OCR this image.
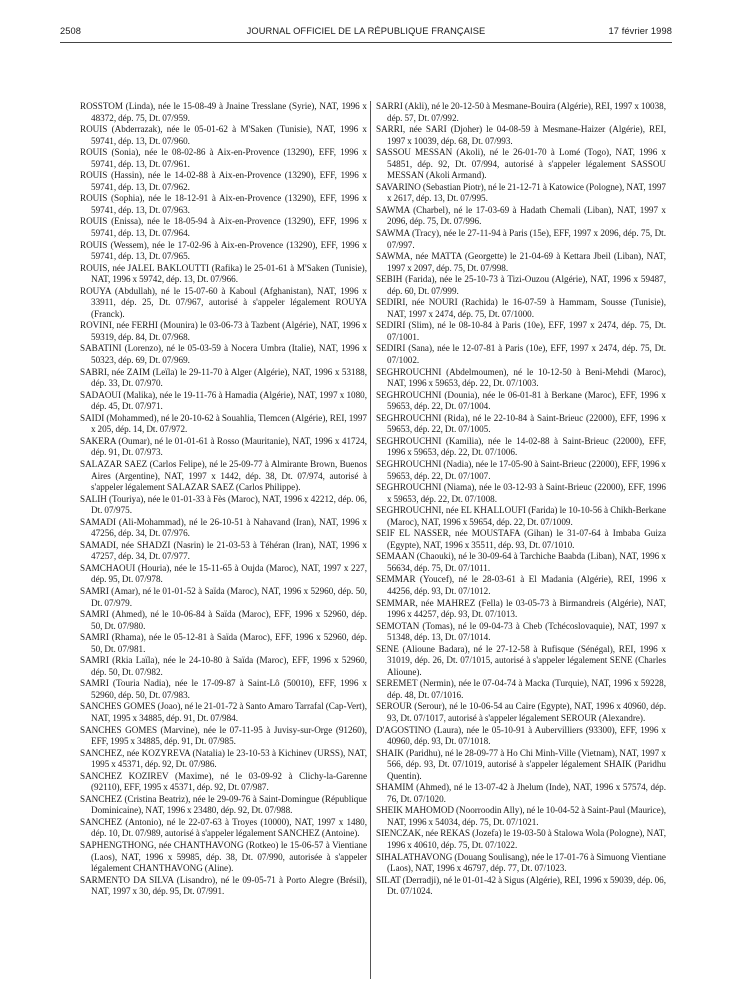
2508	JOURNAL OFFICIEL DE LA RÉPUBLIQUE FRANÇAISE	17 février 1998

ROSSTOM (Linda), née le 15-08-49 à Jnaine Tresslane (Syrie), NAT, 1996 x 48372, dép. 75, Dt. 07/959.

ROUIS (Abderrazak), née le 05-01-62 à M'Saken (Tunisie), NAT, 1996 x 59741, dép. 13, Dt. 07/960.

ROUIS (Sonia), née le 08-02-86 à Aix-en-Provence (13290), EFF, 1996 x 59741, dép. 13, Dt. 07/961.

ROUIS (Hassin), née le 14-02-88 à Aix-en-Provence (13290), EFF, 1996 x 59741, dép. 13, Dt. 07/962.

ROUIS (Sophia), née le 18-12-91 à Aix-en-Provence (13290), EFF, 1996 x 59741, dép. 13, Dt. 07/963.

ROUIS (Enissa), née le 18-05-94 à Aix-en-Provence (13290), EFF, 1996 x 59741, dép. 13, Dt. 07/964.

ROUIS (Wessem), née le 17-02-96 à Aix-en-Provence (13290), EFF, 1996 x 59741, dép. 13, Dt. 07/965.

ROUIS, née JALEL BAKLOUTTI (Rafika) le 25-01-61 à M'Saken (Tunisie), NAT, 1996 x 59742, dép. 13, Dt. 07/966.

ROUYA (Abdullah), né le 15-07-60 à Kaboul (Afghanistan), NAT, 1996 x 33911, dép. 25, Dt. 07/967, autorisé à s'appeler légalement ROUYA (Franck).

ROVINI, née FERHI (Mounira) le 03-06-73 à Tazbent (Algérie), NAT, 1996 x 59319, dép. 84, Dt. 07/968.

SABATINI (Lorenzo), né le 05-03-59 à Nocera Umbra (Italie), NAT, 1996 x 50323, dép. 69, Dt. 07/969.

SABRI, née ZAIM (Leïla) le 29-11-70 à Alger (Algérie), NAT, 1996 x 53188, dép. 33, Dt. 07/970.

SADAOUI (Malika), née le 19-11-76 à Hamadia (Algérie), NAT, 1997 x 1080, dép. 45, Dt. 07/971.

SAIDI (Mohammed), né le 20-10-62 à Souahlia, Tlemcen (Algérie), REI, 1997 x 205, dép. 14, Dt. 07/972.

SAKERA (Oumar), né le 01-01-61 à Rosso (Mauritanie), NAT, 1996 x 41724, dép. 91, Dt. 07/973.

SALAZAR SAEZ (Carlos Felipe), né le 25-09-77 à Almirante Brown, Buenos Aires (Argentine), NAT, 1997 x 1442, dép. 38, Dt. 07/974, autorisé à s'appeler légalement SALAZAR SAEZ (Carlos Philippe).

SALIH (Touriya), née le 01-01-33 à Fès (Maroc), NAT, 1996 x 42212, dép. 06, Dt. 07/975.

SAMADI (Ali-Mohammad), né le 26-10-51 à Nahavand (Iran), NAT, 1996 x 47256, dép. 34, Dt. 07/976.

SAMADI, née SHADZI (Nasrin) le 21-03-53 à Téhéran (Iran), NAT, 1996 x 47257, dép. 34, Dt. 07/977.

SAMCHAOUI (Houria), née le 15-11-65 à Oujda (Maroc), NAT, 1997 x 227, dép. 95, Dt. 07/978.

SAMRI (Amar), né le 01-01-52 à Saïda (Maroc), NAT, 1996 x 52960, dép. 50, Dt. 07/979.

SAMRI (Ahmed), né le 10-06-84 à Saïda (Maroc), EFF, 1996 x 52960, dép. 50, Dt. 07/980.

SAMRI (Rhama), née le 05-12-81 à Saïda (Maroc), EFF, 1996 x 52960, dép. 50, Dt. 07/981.

SAMRI (Rkia Laïla), née le 24-10-80 à Saïda (Maroc), EFF, 1996 x 52960, dép. 50, Dt. 07/982.

SAMRI (Touria Nadia), née le 17-09-87 à Saint-Lô (50010), EFF, 1996 x 52960, dép. 50, Dt. 07/983.

SANCHES GOMES (Joao), né le 21-01-72 à Santo Amaro Tarrafal (Cap-Vert), NAT, 1995 x 34885, dép. 91, Dt. 07/984.

SANCHES GOMES (Marvine), née le 07-11-95 à Juvisy-sur-Orge (91260), EFF, 1995 x 34885, dép. 91, Dt. 07/985.

SANCHEZ, née KOZYREVA (Natalia) le 23-10-53 à Kichinev (URSS), NAT, 1995 x 45371, dép. 92, Dt. 07/986.

SANCHEZ KOZIREV (Maxime), né le 03-09-92 à Clichy-la-Garenne (92110), EFF, 1995 x 45371, dép. 92, Dt. 07/987.

SANCHEZ (Cristina Beatriz), née le 29-09-76 à Saint-Domingue (République Dominicaine), NAT, 1996 x 23480, dép. 92, Dt. 07/988.

SANCHEZ (Antonio), né le 22-07-63 à Troyes (10000), NAT, 1997 x 1480, dép. 10, Dt. 07/989, autorisé à s'appeler légalement SANCHEZ (Antoine).

SAPHENGTHONG, née CHANTHAVONG (Rotkeo) le 15-06-57 à Vientiane (Laos), NAT, 1996 x 59985, dép. 38, Dt. 07/990, autorisée à s'appeler légalement CHANTHAVONG (Aline).

SARMENTO DA SILVA (Lisandro), né le 09-05-71 à Porto Alegre (Brésil), NAT, 1997 x 30, dép. 95, Dt. 07/991.

SARRI (Akli), né le 20-12-50 à Mesmane-Bouira (Algérie), REI, 1997 x 10038, dép. 57, Dt. 07/992.

SARRI, née SARI (Djoher) le 04-08-59 à Mesmane-Haizer (Algérie), REI, 1997 x 10039, dép. 68, Dt. 07/993.

SASSOU MESSAN (Akoli), né le 26-01-70 à Lomé (Togo), NAT, 1996 x 54851, dép. 92, Dt. 07/994, autorisé à s'appeler légalement SASSOU MESSAN (Akoli Armand).

SAVARINO (Sebastian Piotr), né le 21-12-71 à Katowice (Pologne), NAT, 1997 x 2617, dép. 13, Dt. 07/995.

SAWMA (Charbel), né le 17-03-69 à Hadath Chemali (Liban), NAT, 1997 x 2096, dép. 75, Dt. 07/996.

SAWMA (Tracy), née le 27-11-94 à Paris (15e), EFF, 1997 x 2096, dép. 75, Dt. 07/997.

SAWMA, née MATTA (Georgette) le 21-04-69 à Kettara Jbeil (Liban), NAT, 1997 x 2097, dép. 75, Dt. 07/998.

SEBIH (Farida), née le 25-10-73 à Tizi-Ouzou (Algérie), NAT, 1996 x 59487, dép. 60, Dt. 07/999.

SEDIRI, née NOURI (Rachida) le 16-07-59 à Hammam, Sousse (Tunisie), NAT, 1997 x 2474, dép. 75, Dt. 07/1000.

SEDIRI (Slim), né le 08-10-84 à Paris (10e), EFF, 1997 x 2474, dép. 75, Dt. 07/1001.

SEDIRI (Sana), née le 12-07-81 à Paris (10e), EFF, 1997 x 2474, dép. 75, Dt. 07/1002.

SEGHROUCHNI (Abdelmoumen), né le 10-12-50 à Beni-Mehdi (Maroc), NAT, 1996 x 59653, dép. 22, Dt. 07/1003.

SEGHROUCHNI (Dounia), née le 06-01-81 à Berkane (Maroc), EFF, 1996 x 59653, dép. 22, Dt. 07/1004.

SEGHROUCHNI (Rida), né le 22-10-84 à Saint-Brieuc (22000), EFF, 1996 x 59653, dép. 22, Dt. 07/1005.

SEGHROUCHNI (Kamilia), née le 14-02-88 à Saint-Brieuc (22000), EFF, 1996 x 59653, dép. 22, Dt. 07/1006.

SEGHROUCHNI (Nadia), née le 17-05-90 à Saint-Brieuc (22000), EFF, 1996 x 59653, dép. 22, Dt. 07/1007.

SEGHROUCHNI (Niama), née le 03-12-93 à Saint-Brieuc (22000), EFF, 1996 x 59653, dép. 22, Dt. 07/1008.

SEGHROUCHNI, née EL KHALLOUFI (Farida) le 10-10-56 à Chikh-Berkane (Maroc), NAT, 1996 x 59654, dép. 22, Dt. 07/1009.

SEIF EL NASSER, née MOUSTAFA (Gihan) le 31-07-64 à Imbaba Guiza (Egypte), NAT, 1996 x 35511, dép. 93, Dt. 07/1010.

SEMAAN (Chaouki), né le 30-09-64 à Tarchiche Baabda (Liban), NAT, 1996 x 56634, dép. 75, Dt. 07/1011.

SEMMAR (Youcef), né le 28-03-61 à El Madania (Algérie), REI, 1996 x 44256, dép. 93, Dt. 07/1012.

SEMMAR, née MAHREZ (Fella) le 03-05-73 à Birmandreis (Algérie), NAT, 1996 x 44257, dép. 93, Dt. 07/1013.

SEMOTAN (Tomas), né le 09-04-73 à Cheb (Tchécoslovaquie), NAT, 1997 x 51348, dép. 13, Dt. 07/1014.

SENE (Alioune Badara), né le 27-12-58 à Rufisque (Sénégal), REI, 1996 x 31019, dép. 26, Dt. 07/1015, autorisé à s'appeler légalement SENE (Charles Alioune).

SEREMET (Nermin), née le 07-04-74 à Macka (Turquie), NAT, 1996 x 59228, dép. 48, Dt. 07/1016.

SEROUR (Serour), né le 10-06-54 au Caire (Egypte), NAT, 1996 x 40960, dép. 93, Dt. 07/1017, autorisé à s'appeler légalement SEROUR (Alexandre).

D'AGOSTINO (Laura), née le 05-10-91 à Aubervilliers (93300), EFF, 1996 x 40960, dép. 93, Dt. 07/1018.

SHAIK (Paridhu), né le 28-09-77 à Ho Chi Minh-Ville (Vietnam), NAT, 1997 x 566, dép. 93, Dt. 07/1019, autorisé à s'appeler légalement SHAIK (Paridhu Quentin).

SHAMIM (Ahmed), né le 13-07-42 à Jhelum (Inde), NAT, 1996 x 57574, dép. 76, Dt. 07/1020.

SHEIK MAHOMOD (Noorroodin Ally), né le 10-04-52 à Saint-Paul (Maurice), NAT, 1996 x 54034, dép. 75, Dt. 07/1021.

SIENCZAK, née REKAS (Jozefa) le 19-03-50 à Stalowa Wola (Pologne), NAT, 1996 x 40610, dép. 75, Dt. 07/1022.

SIHALATHAVONG (Douang Soulisang), née le 17-01-76 à Simuong Vientiane (Laos), NAT, 1996 x 46797, dép. 77, Dt. 07/1023.

SILAT (Derradji), né le 01-01-42 à Sigus (Algérie), REI, 1996 x 59039, dép. 06, Dt. 07/1024.
